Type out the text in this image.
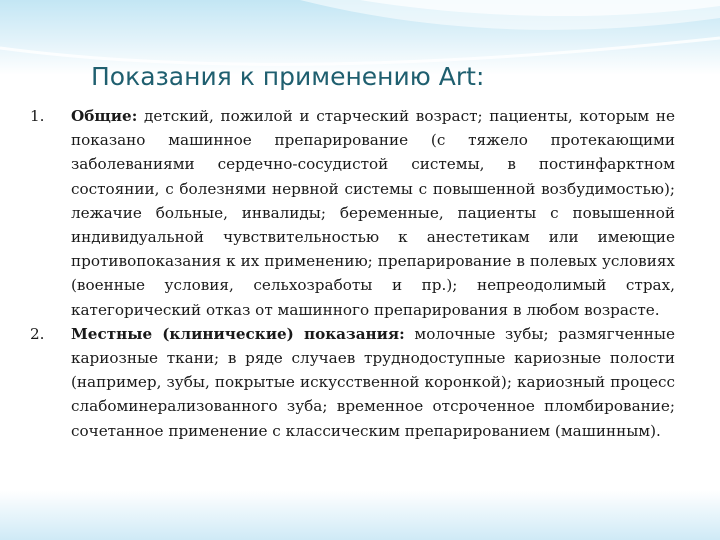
Показания к применению Art:
1. Общие: детский, пожилой и старческий возраст; пациенты, которым не показано машинное препарирование (с тяжело протекающими заболеваниями сердечно-сосудистой системы, в постинфарктном состоянии, с болезнями нервной системы с повышенной возбудимостью); лежачие больные, инвалиды; беременные, пациенты с повышенной индивидуальной чувствительностью к анестетикам или имеющие противопоказания к их применению; препарирование в полевых условиях (военные условия, сельхозработы и пр.); непреодолимый страх, категорический отказ от машинного препарирования в любом возрасте.
2. Местные (клинические) показания: молочные зубы; размягченные кариозные ткани; в ряде случаев труднодоступные кариозные полости (например, зубы, покрытые искусственной коронкой); кариозный процесс слабоминерализованного зуба; временное отсроченное пломбирование; сочетанное применение с классическим препарированием (машинным).
